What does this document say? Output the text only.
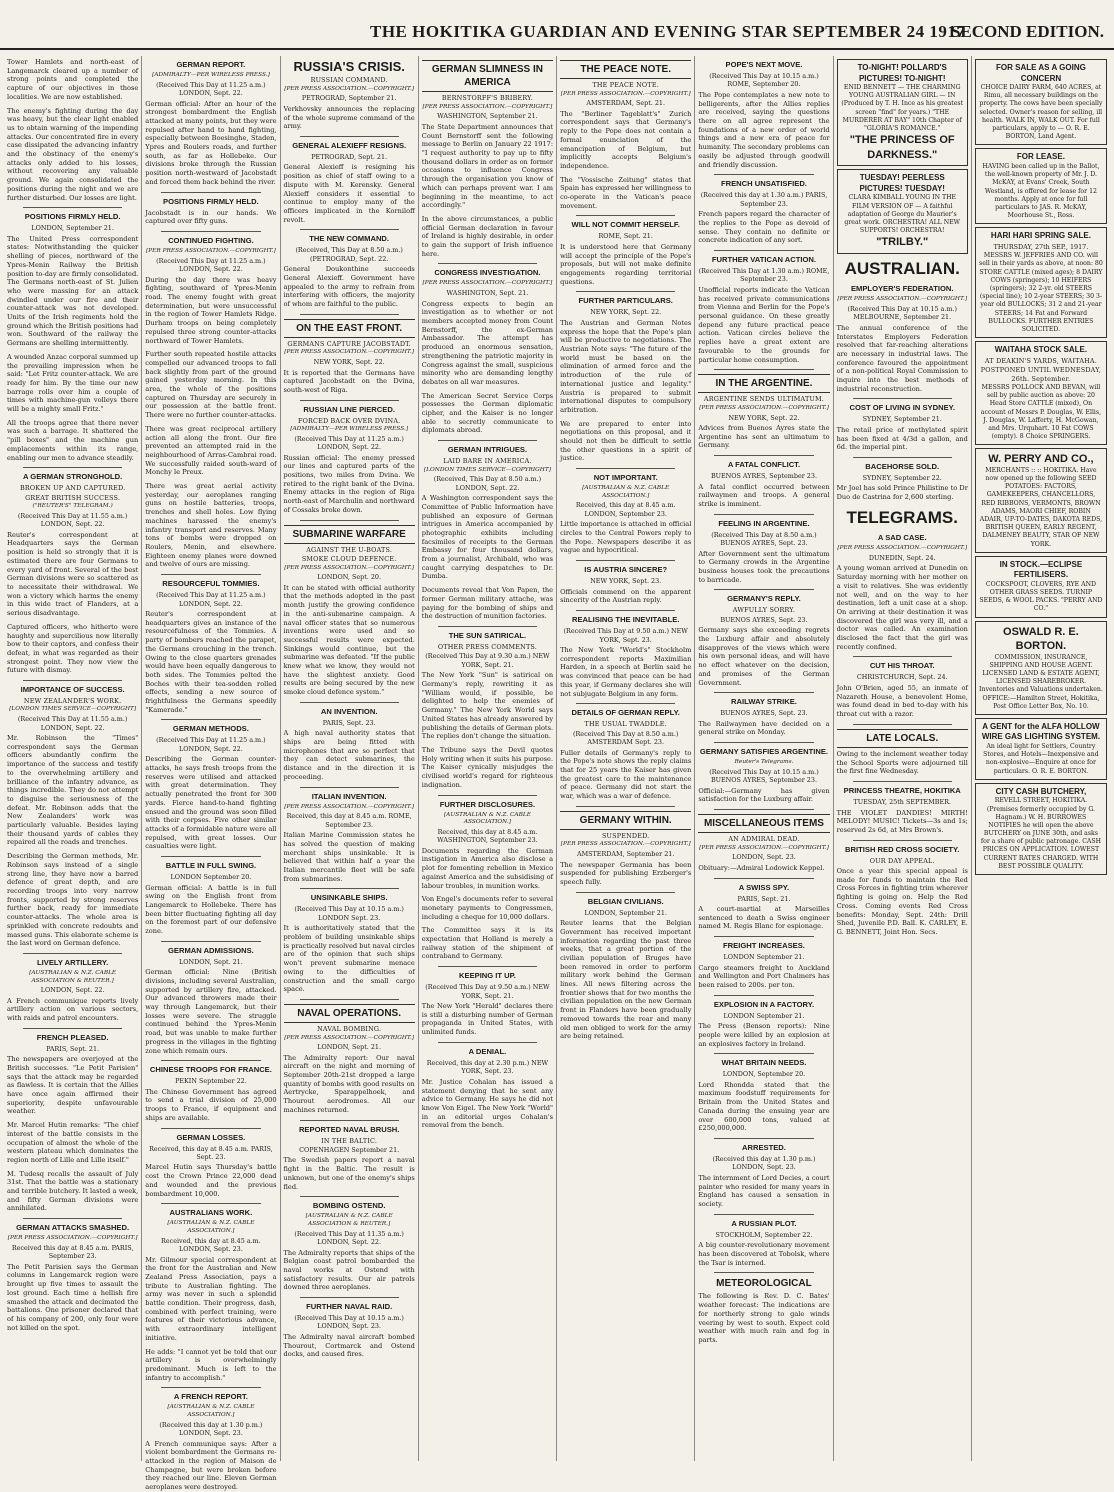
THE HOKITIKA GUARDIAN AND EVENING STAR SEPTEMBER 24 1917
SECOND EDITION.
Tower Hamlets and north-east of Langemarck cleared up a number of strong points and completed the capture of our objectives in those localities. We are now established.
The enemy's fighting during the day was heavy, but the clear light enabled us to obtain warning of the impending attacks. Our concentrated fire in every case dissipated the advancing infantry and the obstinacy of the enemy's attacks only added to his losses, without recovering any valuable ground. We again consolidated the positions during the night and we are further disturbed. Our losses are light.
POSITIONS FIRMLY HELD.
LONDON, September 21.
The United Press correspondent states: Notwithstanding the quicker shelling of pieces, northward of the Ypres-Menin Railway the British position to-day are firmly consolidated. The Germans north-east of St. Julien who were massing for an attack dwindled under our fire and their counter-attack was not developed. Units of the Irish regiments hold the ground which the British positions had won. Southward of the railway the Germans are shelling intermittently.
A wounded Anzac corporal summed up the prevailing impression when he said: "Let Fritz counter-attack. We are ready for him. By the time our new barrage rolls over him a couple of times with machine-gun volleys there will be a mighty small Fritz."
All the troops agree that there never was such a barrage. It shattered the "pill boxes" and the machine gun emplacements within its range, enabling our men to advance steadily.
A GERMAN STRONGHOLD.
BROKEN UP AND CAPTURED.
GREAT BRITISH SUCCESS.
("REUTER'S" TELEGRAM.)
(Received This Day at 11.55 a.m.) LONDON, Sept. 22.
Reuter's correspondent at Headquarters says the German position is held so strongly that it is estimated there are four Germans to every yard of front. Several of the best German divisions were so scattered as to necessitate their withdrawal. We won a victory which harms the enemy in this wide tract of Flanders, at a serious disadvantage.
Captured officers, who hitherto were haughty and supercilious now literally bow to their captors, and confess their defeat, in what was regarded as their strongest point. They now view the future with dismay.
IMPORTANCE OF SUCCESS.
NEW ZEALANDER'S WORK.
[LONDON TIMES SERVICE—COPYRIGHT]
(Received This Day at 11.55 a.m.) LONDON, Sept. 22.
Mr. Robinson the "Times" correspondent says the German officers abundantly confirm the importance of the success and testify to the overwhelming artillery and brilliance of the infantry advance, as things incredible. They do not attempt to disguise the seriousness of the defeat. Mr. Robinson adds that the New Zealanders' work was particularly valuable. Besides laying their thousand yards of cables they repaired all the roads and trenches.
Describing the German methods, Mr. Robinson says instead of a single strong line, they have now a barred defence of great depth, and are recording troops into very narrow fronts, supported by strong reserves further back, ready for immediate counter-attacks. The whole area is sprinkled with concrete redoubts and massed guns. This elaborate scheme is the last word on German defence.
LIVELY ARTILLERY.
[AUSTRALIAN & N.Z. CABLE ASSOCIATION & REUTER.]
LONDON, Sept. 22.
A French communique reports lively artillery action on various sectors, with raids and patrol encounters.
FRENCH PLEASED.
PARIS, Sept. 21.
The newspapers are overjoyed at the British successes. "Le Petit Parisien" says that the attack may be regarded as flawless. It is certain that the Allies have once again affirmed their superiority, despite unfavourable weather.
Mr. Marcel Hutin remarks: "The chief interest of the battle consists in the occupation of almost the whole of the western plateau which dominates the region north of Lille and Lille itself."
M. Tudesq recalls the assault of July 31st. That the battle was a stationary and terrible butchery. It lasted a week, and fifty German divisions were annihilated.
GERMAN ATTACKS SMASHED.
[PER PRESS ASSOCIATION.—COPYRIGHT.]
Received this day at 8.45 a.m. PARIS, September 23.
The Petit Parisien says the German columns in Langemarck region were brought up five times to assault the lost ground. Each time a hellish fire smashed the attack and decimated the battalions. One prisoner declared that of his company of 200, only four were not killed on the spot.
GERMAN REPORT.
[ADMIRALTY—PER WIRELESS PRESS.]
(Received This Day at 11.25 a.m.) LONDON, Sept. 22.
German official: After an hour of the strongest bombardment the English attacked at many points, but they were repulsed after hand to hand fighting, especially between Boesinghe, Staden, Ypres and Roulers roads, and further south, as far as Hollebeke. Our divisions broke through the Russian position north-westward of Jacobstadt and forced them back behind the river.
POSITIONS FIRMLY HELD.
Jacobstadt is in our hands. We captured over fifty guns.
CONTINUED FIGHTING.
[PER PRESS ASSOCIATION.—COPYRIGHT.]
(Received This Day at 11.25 a.m.) LONDON, Sept. 22.
During the day there was heavy fighting, southward of Ypres-Menin road. The enemy fought with great determination, but were unsuccessful in the region of Tower Hamlets Ridge. Durham troops on being completely repulsed three strong counter-attacks northward of Tower Hamlets.
Further south repeated hostile attacks compelled our advanced troops to fall back slightly from part of the ground gained yesterday morning. In this area, the whole of the positions captured on Thursday are securely in our possession at the battle front. There were no further counter-attacks.
There was great reciprocal artillery action all along the front. Our fire prevented an attempted raid in the neighbourhood of Arras-Cambrai road. We successfully raided south-ward of Monchy le Preux.
There was great aerial activity yesterday, our aeroplanes ranging guns on hostile batteries, troops, trenches and shell holes. Low flying machines harassed the enemy's infantry transport and reserves. Many tons of bombs were dropped on Roulers, Menin, and elsewhere. Eighteen enemy planes were downed and twelve of ours are missing.
RESOURCEFUL TOMMIES.
(Received This Day at 11.25 a.m.) LONDON, Sept. 22.
Reuter's correspondent at headquarters gives an instance of the resourcefulness of the Tommies. A party of bombers reached the parapet, the Germans crouching in the trench. Owing to the close quarters grenades would have been equally dangerous to both sides. The Tommies pelted the Boches with their tea-sodden rolled effects, sending a new source of frightfulness the Germans speedily "Kamerade."
GERMAN METHODS.
(Received This Day at 11.25 a.m.) LONDON, Sept. 22.
Describing the German counter-attacks, he says fresh troops from the reserves were utilised and attacked with great determination. They actually penetrated the front for 300 yards. Fierce hand-to-hand fighting ensued and the ground was soon filled with their corpses. Five other similar attacks of a formidable nature were all repulsed, with great losses. Our casualties were light.
BATTLE IN FULL SWING.
LONDON September 20.
German official: A battle is in full swing on the English front from Langemarck to Hollebeke. There has been bitter fluctuating fighting all day on the foremost part of our defensive zone.
GERMAN ADMISSIONS.
LONDON, Sept. 21.
German official: Nine (British divisions, including several Australian, supported by artillery fire, attacked. Our advanced throwers made their way through Langemarck, but their losses were severe. The struggle continued behind the Ypres-Menin road, but was unable to make further progress in the villages in the fighting zone which remain ours.
CHINESE TROOPS FOR FRANCE.
PEKIN September 22.
The Chinese Government has agreed to send a trial division of 25,000 troops to France, if equipment and ships are available.
GERMAN LOSSES.
Received, this day at 8.45 a.m. PARIS, Sept. 23.
Marcel Hutin says Thursday's battle cost the Crown Prince 22,000 dead and wounded and the previous bombardment 10,000.
AUSTRALIANS WORK.
[AUSTRALIAN & N.Z. CABLE ASSOCIATION.]
Received, this day at 8.45 a.m. LONDON, Sept. 23.
Mr. Gilmour special correspondent at the front for the Australian and New Zealand Press Association, pays a tribute to Australian fighting. The army was never in such a splendid battle condition. Their progress, dash, combined with perfect training, were features of their victorious advance, with extraordinary intelligent initiative.
He adds: "I cannot yet be told that our artillery is overwhelmingly predominant. Much is left to the infantry to accomplish."
A FRENCH REPORT.
[AUSTRALIAN & N.Z. CABLE ASSOCIATION.]
(Received this day at 1.30 p.m.) LONDON, Sept. 23.
A French communique says: After a violent bombardment the Germans re-attacked in the region of Maison de Champagne, but were broken before they reached our line. Eleven German aeroplanes were destroyed.
RUSSIA'S CRISIS.
RUSSIAN COMMAND.
[PER PRESS ASSOCIATION.—COPYRIGHT.]
PETROGRAD, September 21.
Verkhovsky announces the replacing of the whole supreme command of the army.
GENERAL ALEXIEFF RESIGNS.
PETROGRAD, Sept. 21.
General Alexieff is resigning his position as chief of staff owing to a dispute with M. Kerensky. General Alexieff considers it essential to continue to employ many of the officers implicated in the Korniloff revolt.
THE NEW COMMAND.
(Received, This Day at 8.50 a.m.) (PETROGRAD, Sept. 22.
General Doukonthine succeeds General Alexieff. Government have appealed to the army to refrain from interfering with officers, the majority of whom are faithful to the public.
ON THE EAST FRONT.
GERMANS CAPTURE JACOBSTADT.
[PER PRESS ASSOCIATION.—COPYRIGHT.]
NEW YORK, Sept. 22.
It is reported that the Germans have captured Jacobstadt on the Dvina, south-west of Riga.
RUSSIAN LINE PIERCED.
FORCED BACK OVER DVINA.
[ADMIRALTY—PER WIRELESS PRESS.]
(Received This Day at 11.25 a.m.) LONDON, Sept. 22.
Russian official: The enemy pressed our lines and captured parts of the positions, two miles from Dvina. We retired to the right bank of the Dvina. Enemy attacks in the region of Riga north-east of Marchulin and northward of Cossaks broke down.
SUBMARINE WARFARE
AGAINST THE U-BOATS.
SMOKE CLOUD DEFENCE.
[PER PRESS ASSOCIATION.—COPYRIGHT.]
LONDON, Sept. 20.
It can be stated with official authority that the methods adopted in the past month justify the growing confidence in the anti-submarine campaign. A naval officer states that so numerous inventions were used and so successful results were expected. Sinkings would continue, but the submarine was defeated. "If the public knew what we know, they would not have the slightest anxiety. Good results are being secured by the new smoke cloud defence system."
AN INVENTION.
PARIS, Sept. 23.
A high naval authority states that ships are being fitted with microphones that are so perfect that they can detect submarines, the distance and in the direction it is proceeding.
ITALIAN INVENTION.
[PER PRESS ASSOCIATION.—COPYRIGHT.]
Received, this day at 8.45 a.m. ROME, September 23.
Italian Marine Commission states he has solved the question of making merchant ships unsinkable. It is believed that within half a year the Italian mercantile fleet will be safe from submarines.
UNSINKABLE SHIPS.
(Received This Day at 10.15 a.m.) LONDON Sept. 23.
It is authoritatively stated that the problem of building unsinkable ships is practically resolved but naval circles are of the opinion that such ships won't prevent submarine menace owing to the difficulties of construction and the small cargo space.
NAVAL OPERATIONS.
NAVAL BOMBING.
[PER PRESS ASSOCIATION.—COPYRIGHT.]
LONDON, Sept. 21.
The Admiralty report: Our naval aircraft on the night and morning of September 20th-21st dropped a large quantity of bombs with good results on Aertrycke, Sparappelhoek, and Thourout aerodromes. All our machines returned.
REPORTED NAVAL BRUSH.
IN THE BALTIC.
COPENHAGEN September 21.
The Swedish papers report a naval fight in the Baltic. The result is unknown, but one of the enemy's ships fled.
BOMBING OSTEND.
[AUSTRALIAN & N.Z. CABLE ASSOCIATION & REUTER.]
(Received This Day at 11.35 a.m.) LONDON, Sept. 22.
The Admiralty reports that ships of the Belgian coast patrol bombarded the naval works at Ostend with satisfactory results. Our air patrols downed three aeroplanes.
FURTHER NAVAL RAID.
(Received This Day at 10.15 a.m.) LONDON, Sept. 23.
The Admiralty naval aircraft bombed Thourout, Cortmarck and Ostend docks, and caused fires.
GERMAN SLIMNESS IN AMERICA
BERNSTORFF'S BRIBERY.
[PER PRESS ASSOCIATION.—COPYRIGHT.]
WASHINGTON, September 21.
The State Department announces that Count Bernstorff sent the following message to Berlin on January 22 1917: "I request authority to pay up to fifty thousand dollars in order as on former occasions to influence Congress through the organisation you know of which can perhaps prevent war. I am beginning in the meantime, to act accordingly."
In the above circumstances, a public official German declaration in favour of Ireland is highly desirable, in order to gain the support of Irish influence here.
CONGRESS INVESTIGATION.
[PER PRESS ASSOCIATION.—COPYRIGHT.]
WASHINGTON, Sept. 21.
Congress expects to begin an investigation as to whether or not members accepted money from Count Bernstorff, the ex-German Ambassador. The attempt has produced an enormous sensation, strengthening the patriotic majority in Congress against the small, suspicious minority who are demanding lengthy debates on all war measures.
The American Secret Service Corps possesses the German diplomatic cipher, and the Kaiser is no longer able to secretly communicate to diplomats abroad.
GERMAN INTRIGUES.
LAID BARE IN AMERICA.
[LONDON TIMES SERVICE—COPYRIGHT]
(Received, This Day at 8.50 a.m.) LONDON, Sept. 22.
A Washington correspondent says the Committee of Public Information have published an exposure of German intrigues in America accompanied by photographic exhibits including facsimiles of receipts to the German Embassy for four thousand dollars, from a journalist, Archibald, who was caught carrying despatches to Dr. Dumba.
Documents reveal that Von Papen, the former German military attache, was paying for the bombing of ships and the destruction of munition factories.
THE SUN SATIRICAL.
OTHER PRESS COMMENTS.
(Received This Day at 9.30 a.m.) NEW YORK, Sept. 21.
The New York "Sun" is satirical on Germany's reply, rewriting it as "William would, if possible, be delighted to help the enemies of Germany." The New York World says United States has already answered by publishing the details of German plots. The replies don't change the situation.
The Tribune says the Devil quotes Holy writing when it suits his purpose. The Kaiser cynically misjudges the civilised world's regard for righteous indignation.
FURTHER DISCLOSURES.
[AUSTRALIAN & N.Z. CABLE ASSOCIATION.]
Received, this day at 8.45 a.m. WASHINGTON, September 23.
Documents regarding the German instigation in America also disclose a plot for fomenting rebellion in Mexico against America and the subsidising of labour troubles, in munition works.
Von Engel's documents refer to several monetary payments to Congressmen, including a cheque for 10,000 dollars.
The Committee says it is its expectation that Holland is merely a railway station of the shipment of contraband to Germany.
KEEPING IT UP.
(Received This Day at 9.50 a.m.) NEW YORK, Sept. 21.
The New York "Herald" declares there is still a disturbing number of German propaganda in United States, with unlimited funds.
A DENIAL.
Received, this day at 2.30 p.m.) NEW YORK, Sept. 23.
Mr. Justice Cohalan has issued a statement denying that he sent any advice to Germany. He says he did not know Von Eigel. The New York "World" in an editorial urges Cohalan's removal from the bench.
THE PEACE NOTE.
THE PEACE NOTE.
[PER PRESS ASSOCIATION.—COPYRIGHT.]
AMSTERDAM, Sept. 21.
The "Berliner Tageblatt's" Zurich correspondent says that Germany's reply to the Pope does not contain a formal enunciation of the emancipation of Belgium, but implicitly accepts Belgium's independence.
The "Vossische Zeitung" states that Spain has expressed her willingness to co-operate in the Vatican's peace movement.
WILL NOT COMMIT HERSELF.
ROME, Sept. 21.
It is understood here that Germany will accept the principle of the Pope's proposals, but will not make definite engagements regarding territorial questions.
FURTHER PARTICULARS.
NEW YORK, Sept. 22.
The Austrian and German Notes express the hope that the Pope's plan will be productive to negotiations. The Austrian Note says: "The future of the world must be based on the elimination of armed force and the introduction of the rule of international justice and legality." Austria is prepared to submit international disputes to compulsory arbitration.
We are prepared to enter into negotiations on this proposal, and it should not then be difficult to settle the other questions in a spirit of justice.
NOT IMPORTANT.
[AUSTRALIAN & N.Z. CABLE ASSOCIATION.]
Received, this day at 8.45 a.m. LONDON, September 23.
Little importance is attached in official circles to the Central Powers reply to the Pope. Newspapers describe it as vague and hypocritical.
IS AUSTRIA SINCERE?
NEW YORK, Sept. 23.
Officials commend on the apparent sincerity of the Austrian reply.
REALISING THE INEVITABLE.
(Received This Day at 9.50 a.m.) NEW YORK, Sept. 23.
The New York "World's" Stockholm correspondent reports Maximilian Harden, in a speech at Berlin said he was convinced that peace can be had this year, if Germany declares she will not subjugate Belgium in any form.
DETAILS OF GERMAN REPLY.
THE USUAL TWADDLE.
(Received This Day at 8.50 a.m.) AMSTERDAM Sept. 23.
Fuller details of Germany's reply to the Pope's note shows the reply claims that for 25 years the Kaiser has given the greatest care to the maintenance of peace. Germany did not start the war, which was a war of defence.
GERMANY WITHIN.
SUSPENDED.
[PER PRESS ASSOCIATION.—COPYRIGHT.]
AMSTERDAM, September 21.
The newspaper Germania has been suspended for publishing Erzberger's speech fully.
BELGIAN CIVILIANS.
LONDON, September 21.
Reuter learns that the Belgian Government has received important information regarding the past three weeks, that a great portion of the civilian population of Bruges have been removed in order to perform military work behind the German lines. All news filtering across the frontier shows that for two months the civilian population on the new German front in Flanders have been gradually removed towards the rear and many old men obliged to work for the army are being retained.
POPE'S NEXT MOVE.
(Received This Day at 10.15 a.m.) ROME, September 20.
The Pope contemplates a new note to belligerents, after the Allies replies are received, saying the questions there on all agree represent the foundations of a new order of world things and a new era of peace for humanity. The secondary problems can easily be adjusted through goodwill and friendly discussion.
FRENCH UNSATISFIED.
(Received this day at 1.30 a.m.) PARIS, September 23.
French papers regard the character of the replies to the Pope as devoid of sense. They contain no definite or concrete indication of any sort.
FURTHER VATICAN ACTION.
(Received This Day at 1.30 a.m.) ROME, September 23.
Unofficial reports indicate the Vatican has received private communications from Vienna and Berlin for the Pope's personal guidance. On these greatly depend any future practical peace action. Vatican circles believe the replies have a great extent are favourable to the grounds for particular home consumption.
IN THE ARGENTINE.
ARGENTINE SENDS ULTIMATUM.
[PER PRESS ASSOCIATION.—COPYRIGHT.]
NEW YORK, Sept. 22.
Advices from Buenos Ayres state the Argentine has sent an ultimatum to Germany.
A FATAL CONFLICT.
BUENOS AYRES, September 23.
A fatal conflict occurred between railwaymen and troops. A general strike is imminent.
FEELING IN ARGENTINE.
(Received This Day at 8.50 a.m.) BUENOS AYRES, Sept. 23.
After Government sent the ultimatum to Germany crowds in the Argentine business houses took the precautions to barricade.
GERMANY'S REPLY.
AWFULLY SORRY.
BUENOS AYRES, Sept. 23.
Germany says she exceeding regrets the Luxburg affair and absolutely disapproves of the views which were his own personal ideas, and will have no effect whatever on the decision, and promises of the German Government.
RAILWAY STRIKE.
BUENOS AYRES, Sept. 23.
The Railwaymen have decided on a general strike on Monday.
GERMANY SATISFIES ARGENTINE.
Reuter's Telegrams.
(Received This Day at 10.15 a.m.) BUENOS AYRES, September 23.
Official:—Germany has given satisfaction for the Luxburg affair.
MISCELLANEOUS ITEMS
AN ADMIRAL DEAD.
[PER PRESS ASSOCIATION.—COPYRIGHT.]
LONDON, Sept. 23.
Obituary:—Admiral Lodowick Keppel.
A SWISS SPY.
PARIS, Sept. 21.
A court-martial at Marseilles sentenced to death a Swiss engineer named M. Regis Blanc for espionage.
FREIGHT INCREASES.
LONDON September 21.
Cargo steamers freight to Auckland and Wellington and Port Chalmers has been raised to 200s. per ton.
EXPLOSION IN A FACTORY.
LONDON September 21.
The Press (Benson reports): Nine people were killed by an explosion at an explosives factory in Ireland.
WHAT BRITAIN NEEDS.
LONDON, September 20.
Lord Rhondda stated that the maximum foodstuff requirements for Britain from the United States and Canada during the ensuing year are over 600,000 tons, valued at £250,000,000.
ARRESTED.
(Received this day at 1.30 p.m.) LONDON, Sept. 23.
The internment of Lord Decies, a court painter who resided for many years in England has caused a sensation in society.
A RUSSIAN PLOT.
STOCKHOLM, September 22.
A big counter-revolutionary movement has been discovered at Tobolsk, where the Tsar is interned.
METEOROLOGICAL
The following is Rev. D. C. Bates' weather forecast: The indications are for northerly strong to gale winds veering by west to south. Expect cold weather with much rain and fog in parts.
TO-NIGHT! POLLARD'S PICTURES! TO-NIGHT!
ENID BENNETT — THE CHARMING YOUNG AUSTRALIAN GIRL — IN (Produced by T. H. Ince as his greatest screen "find" for years.) "THE MURDERER AT BAY" 10th Chapter of "GLORIA'S ROMANCE."
"THE PRINCESS OF DARKNESS."
TUESDAY! PEERLESS PICTURES! TUESDAY!
CLARA KIMBALL YOUNG IN THE FILM VERSION OF — A faithful adaptation of George du Maurier's great work. ORCHESTRA! ALL NEW SUPPORTS! ORCHESTRA!
"TRILBY."
AUSTRALIAN.
EMPLOYER'S FEDERATION.
[PER PRESS ASSOCIATION.—COPYRIGHT.]
(Received This Day at 10.15 a.m.) MELBOURNE, September 21.
The annual conference of the Interstates Employers Federation resolved that far-reaching alterations are necessary in industrial laws. The conference favoured the appointment of a non-political Royal Commission to inquire into the best methods of industrial reconstruction.
COST OF LIVING IN SYDNEY.
SYDNEY, September 21.
The retail price of methylated spirit has been fixed at 4/3d a gallon, and 6d. the imperial pint.
BACEHORSE SOLD.
SYDNEY, September 22.
Mr Joel has sold Prince Philistine to Dr Duo de Castrina for 2,600 sterling.
TELEGRAMS.
A SAD CASE.
[PER PRESS ASSOCIATION.—COPYRIGHT.]
DUNEDIN, Sept. 24.
A young woman arrived at Dunedin on Saturday morning with her mother on a visit to relatives. She was evidently not well, and on the way to her destination, left a unit case at a shop. On arriving at their destination it was discovered the girl was very ill, and a doctor was called. An examination disclosed the fact that the girl was recently confined.
CUT HIS THROAT.
CHRISTCHURCH, Sept. 24.
John O'Brien, aged 55, an inmate of Nazareth House, a benevolent Home, was found dead in bed to-day with his throat cut with a razor.
LATE LOCALS.
Owing to the inclement weather today the School Sports were adjourned till the first fine Wednesday.
PRINCESS THEATRE, HOKITIKA
TUESDAY, 25th SEPTEMBER.
THE VIOLET DANDIES! MIRTH! MELODY! MUSIC! Tickets—3s and 1s; reserved 2s 6d, at Mrs Brown's.
BRITISH RED CROSS SOCIETY.
OUR DAY APPEAL.
Once a year this special appeal is made for funds to maintain the Red Cross Forces in fighting trim wherever fighting is going on. Help the Red Cross. Coming events Red Cross benefits: Monday, Sept. 24th: Drill Shed, Juvenile P.D. Ball. K. CARLEY, E. G. BENNETT, Joint Hon. Secs.
FOR SALE AS A GOING CONCERN
CHOICE DAIRY FARM, 640 ACRES, at Rimu, all necessary buildings on the property. The cows have been specially selected. Owner's reason for selling, ill health. WALK IN, WALK OUT. For full particulars, apply to — O. R. E. BORTON, Land Agent.
FOR LEASE.
HAVING been called up in the Ballot, the well-known property of Mr. J. D. McKAY, at Evans' Creek, South Westland, is offered for lease for 12 months. Apply at once for full particulars to JAS. R. McKAY, Moorhouse St., Ross.
HARI HARI SPRING SALE.
THURSDAY, 27th SEP., 1917.
MESSRS W. JEFFRIES AND CO. will sell in their yards as above, at noon: 80 STORE CATTLE (mixed ages); 8 DAIRY COWS (springers); 10 HEIFERS (springers); 32 2-yr. old STEERS (special line); 10 2-year STEERS; 30 3-year old BULLOCKS; 31 2 and 21-year STEERS; 14 Fat and Forward BULLOCKS. FURTHER ENTRIES SOLICITED.
WAITAHA STOCK SALE.
AT DEAKIN'S YARDS, WAITAHA.
POSTPONED UNTIL WEDNESDAY, 26th. September.
MESSRS POLLOCK AND BEVAN, will sell by public auction as above: 20 Head Store CATTLE (mixed), On account of Messrs P. Douglas, W. Ellis, J. Douglas, W. Lafferty, H. McGowan, and Mrs. Urquhart. 10 Fat COWS (empty). 8 Choice SPRINGERS.
W. PERRY AND CO.,
MERCHANTS :: :: HOKITIKA. Have now opened up the following SEED POTATOES: FACTORS, GAMEKEEPERS, CHANCELLORS, RED RIBBONS, VERMONTS, BROWN ADAMS, MAORI CHIEF, ROBIN ADAIR, UP-TO-DATES, DAKOTA REDS, BRITISH QUEEN, EARLY REGENT, DALMENEY BEAUTY, STAR OF NEW YORK.
IN STOCK.—ECLIPSE FERTILISERS.
COCKSPOOT, CLOVERS, RYE AND OTHER GRASS SEEDS. TURNIP SEEDS, & WOOL PACKS. "PERRY AND CO."
OSWALD R. E. BORTON.
COMMISSION, INSURANCE, SHIPPING AND HOUSE AGENT. LICENSED LAND & ESTATE AGENT, LICENSED SHAREBROKER. Inventories and Valuations undertaken. OFFICE:—Hamilton Street, Hokitika, Post Office Letter Box, No. 10.
A GENT for the ALFA HOLLOW WIRE GAS LIGHTING SYSTEM.
An ideal light for Settlers, Country Stores, and Hotels—Inexpensive and non-explosive—Enquire at once for particulars. O. R. E. BORTON.
CITY CASH BUTCHERY,
REVELL STREET, HOKITIKA. (Premises formerly occupied by G. Hagnam.) W. H. BURROWES NOTIFIES he will open the above BUTCHERY on JUNE 30th, and asks for a share of public patronage. CASH PRICES ON APPLICATION. LOWEST CURRENT RATES CHARGED. WITH BEST POSSIBLE QUALITY.
